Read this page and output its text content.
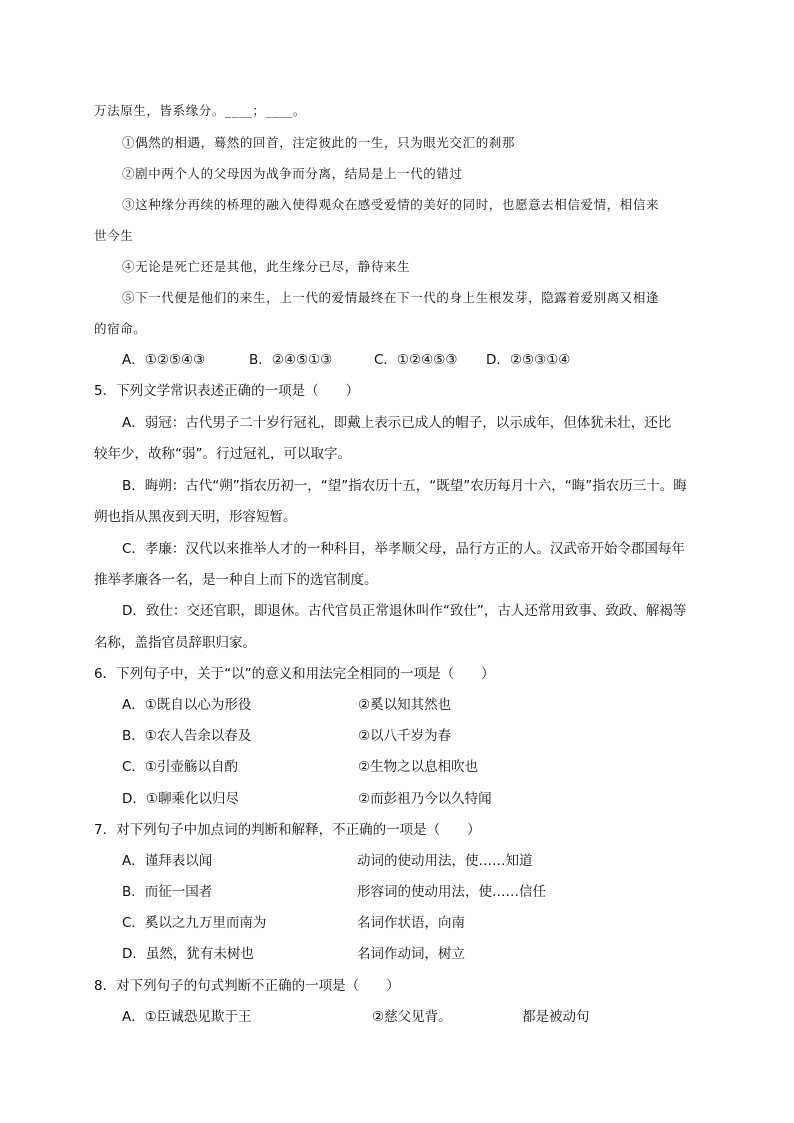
万法原生，皆系缘分。____；____。
①偶然的相遇，蓦然的回首，注定彼此的一生，只为眼光交汇的刹那
②剧中两个人的父母因为战争而分离，结局是上一代的错过
③这种缘分再续的桥理的融入使得观众在感受爱情的美好的同时，也愿意去相信爱情，相信来
世今生
④无论是死亡还是其他，此生缘分已尽，静待来生
⑤下一代便是他们的来生，上一代的爱情最终在下一代的身上生根发芽，隐露着爱别离又相逢
的宿命。
A．①②⑤④③	B．②④⑤①③	C．①②④⑤③ D．②⑤③①④
5．下列文学常识表述正确的一项是（　　）
A．弱冠：古代男子二十岁行冠礼，即戴上表示已成人的帽子，以示成年，但体犹未壮，还比
较年少，故称“弱”。行过冠礼，可以取字。
B．晦朔：古代“朔”指农历初一，“望”指农历十五，“既望”农历每月十六，“晦”指农历三十。晦
朔也指从黑夜到天明，形容短暂。
C．孝廉：汉代以来推举人才的一种科目，举孝顺父母，品行方正的人。汉武帝开始令郡国每年
推举孝廉各一名，是一种自上而下的选官制度。
D．致仕：交还官职，即退休。古代官员正常退休叫作“致仕”，古人还常用致事、致政、解褐等
名称，盖指官员辞职归家。
6．下列句子中，关于“以”的意义和用法完全相同的一项是（　　）
A．①既自以心为形役	②奚以知其然也
B．①农人告余以春及	②以八千岁为春
C．①引壶觞以自酌	②生物之以息相吹也
D．①聊乘化以归尽	②而彭祖乃今以久特闻
7．对下列句子中加点词的判断和解释，不正确的一项是（　　）
A．谨拜表以闻	动词的使动用法，使……知道
B．而征一国者	形容词的使动用法，使……信任
C．奚以之九万里而南为	名词作状语，向南
D．虽然，犹有未树也	名词作动词，树立
8．对下列句子的句式判断不正确的一项是（　　）
A．①臣诚恐见欺于王	②慈父见背。	都是被动句
